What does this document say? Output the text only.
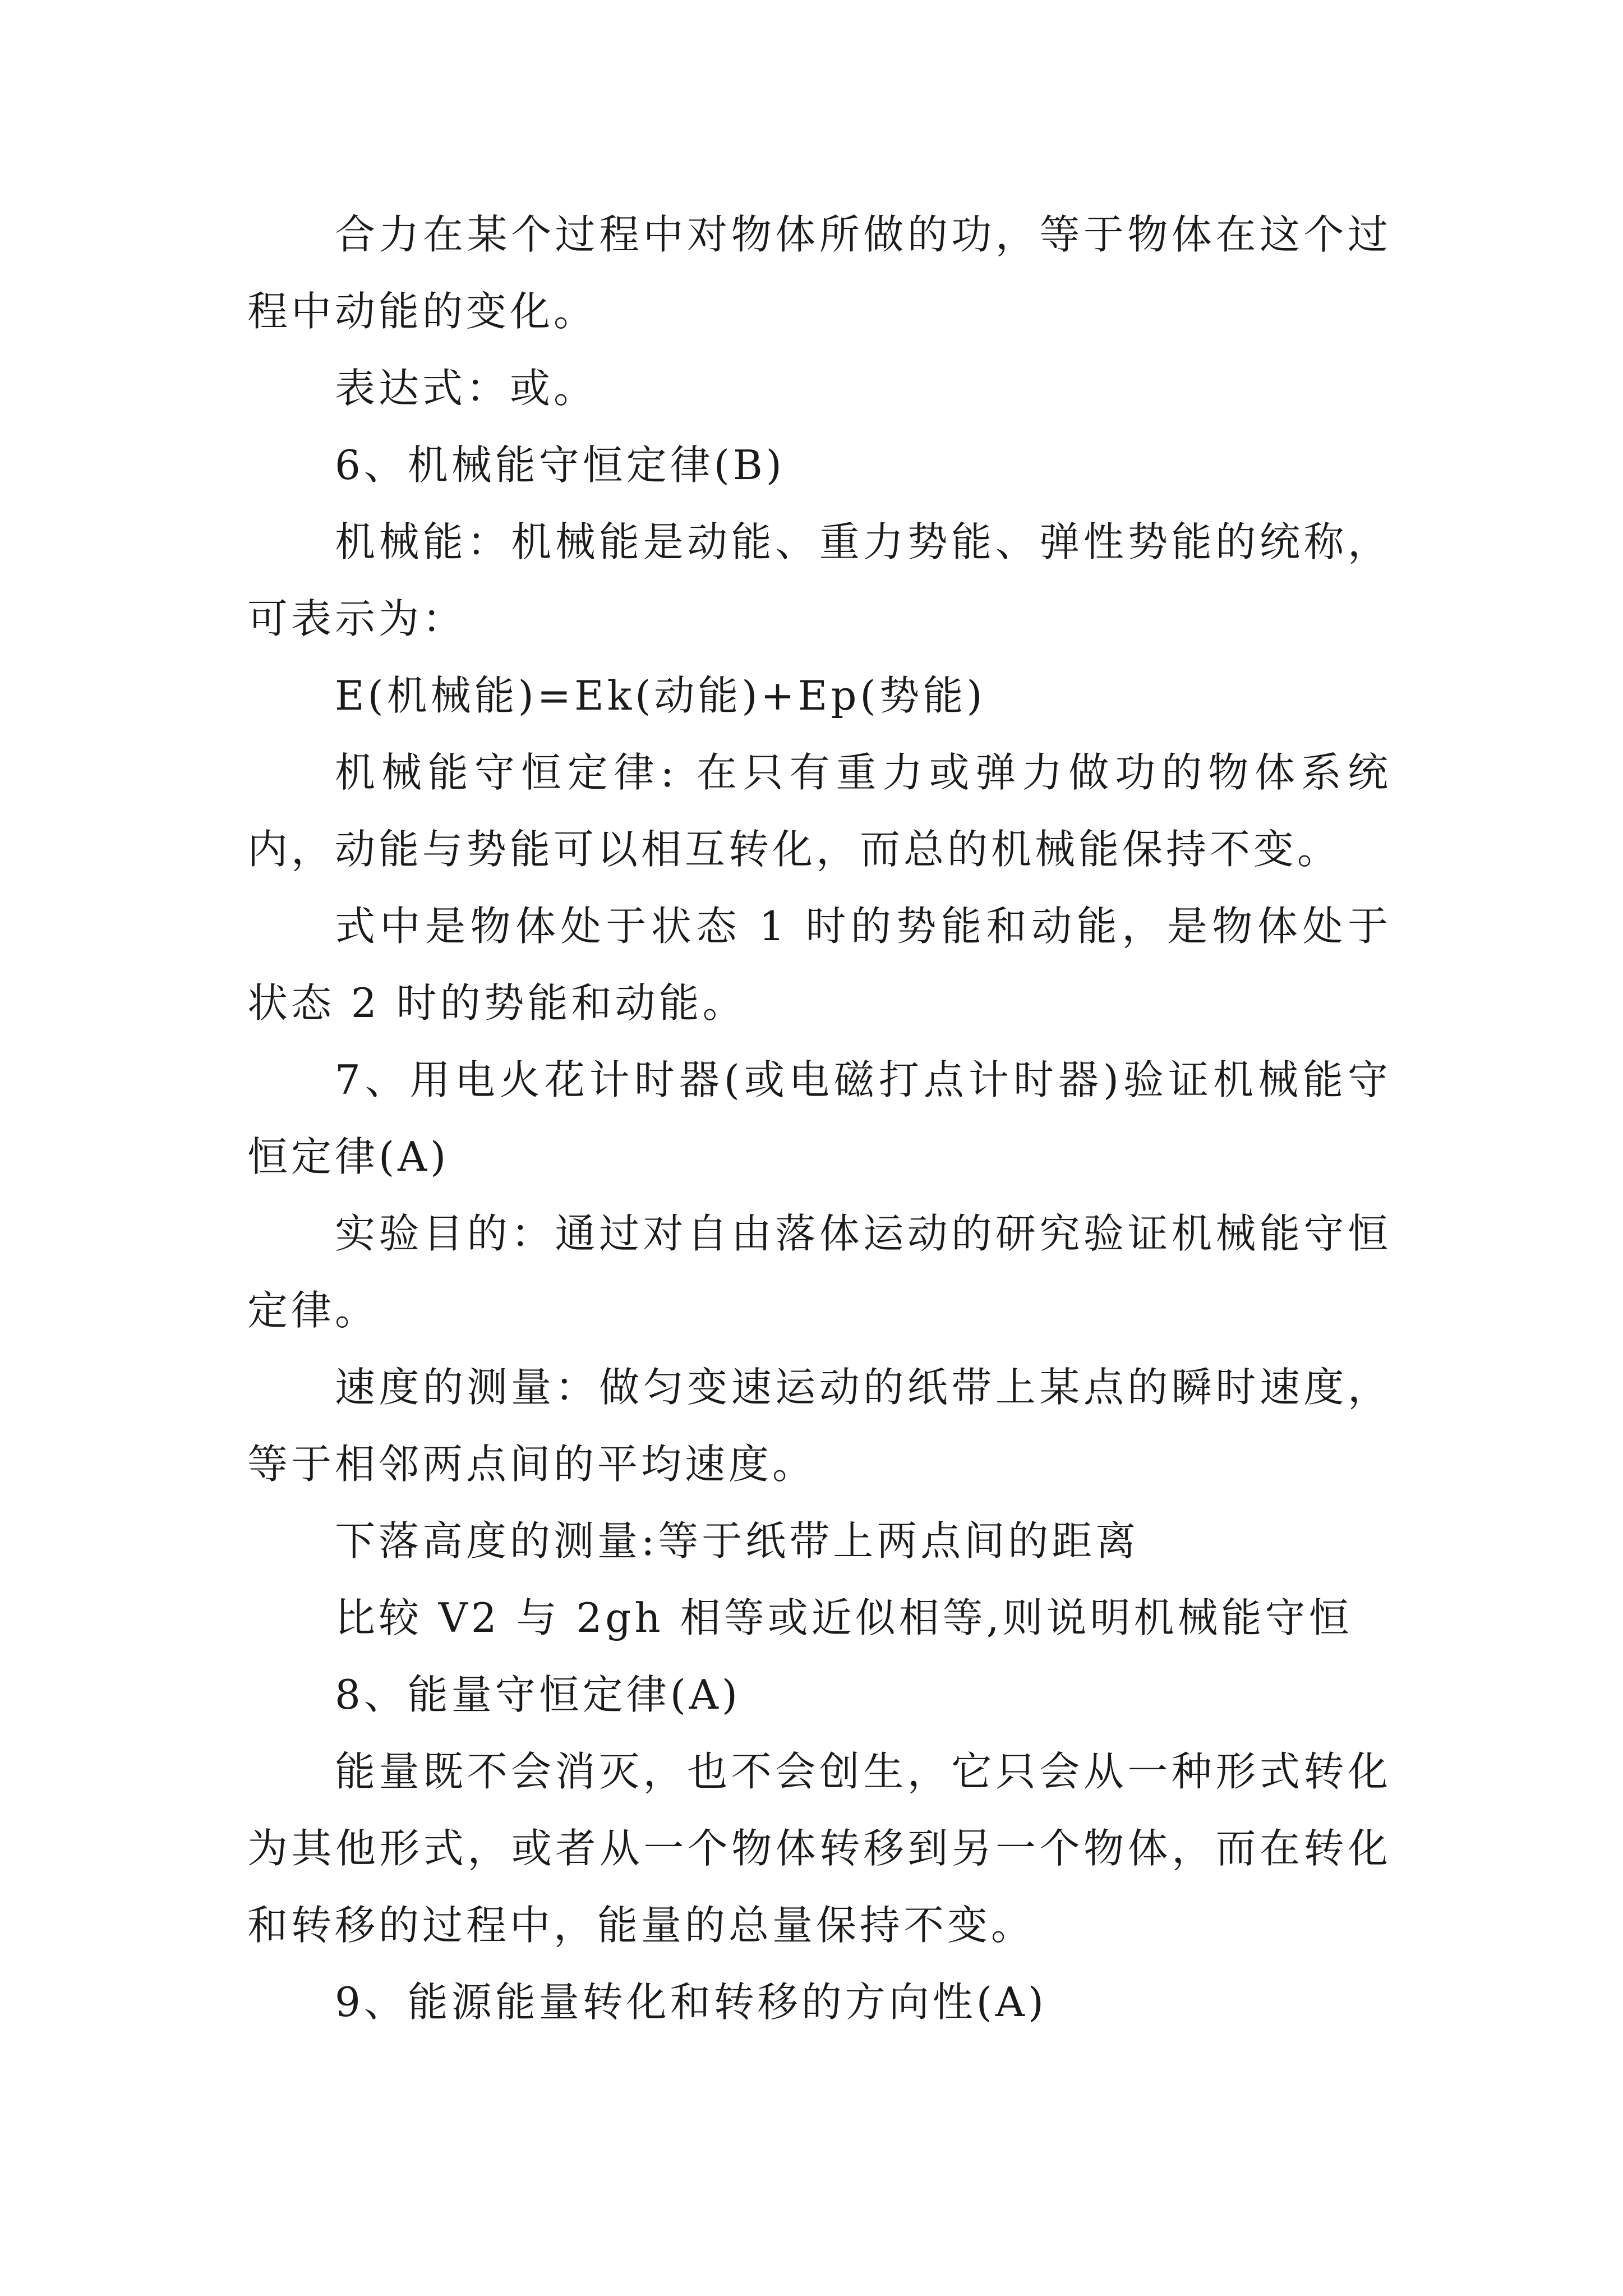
合力在某个过程中对物体所做的功，等于物体在这个过程中动能的变化。

表达式：或。

6、机械能守恒定律(B)

机械能：机械能是动能、重力势能、弹性势能的统称，可表示为：

E(机械能)=Ek(动能)+Ep(势能)

机械能守恒定律: 在只有重力或弹力做功的物体系统内，动能与势能可以相互转化，而总的机械能保持不变。

式中是物体处于状态 1 时的势能和动能，是物体处于状态 2 时的势能和动能。

7、用电火花计时器(或电磁打点计时器)验证机械能守恒定律(A)

实验目的：通过对自由落体运动的研究验证机械能守恒定律。

速度的测量：做匀变速运动的纸带上某点的瞬时速度，等于相邻两点间的平均速度。

下落高度的测量:等于纸带上两点间的距离

比较 V2 与 2gh 相等或近似相等,则说明机械能守恒

8、能量守恒定律(A)

能量既不会消灭，也不会创生，它只会从一种形式转化为其他形式，或者从一个物体转移到另一个物体，而在转化和转移的过程中，能量的总量保持不变。

9、能源能量转化和转移的方向性(A)
